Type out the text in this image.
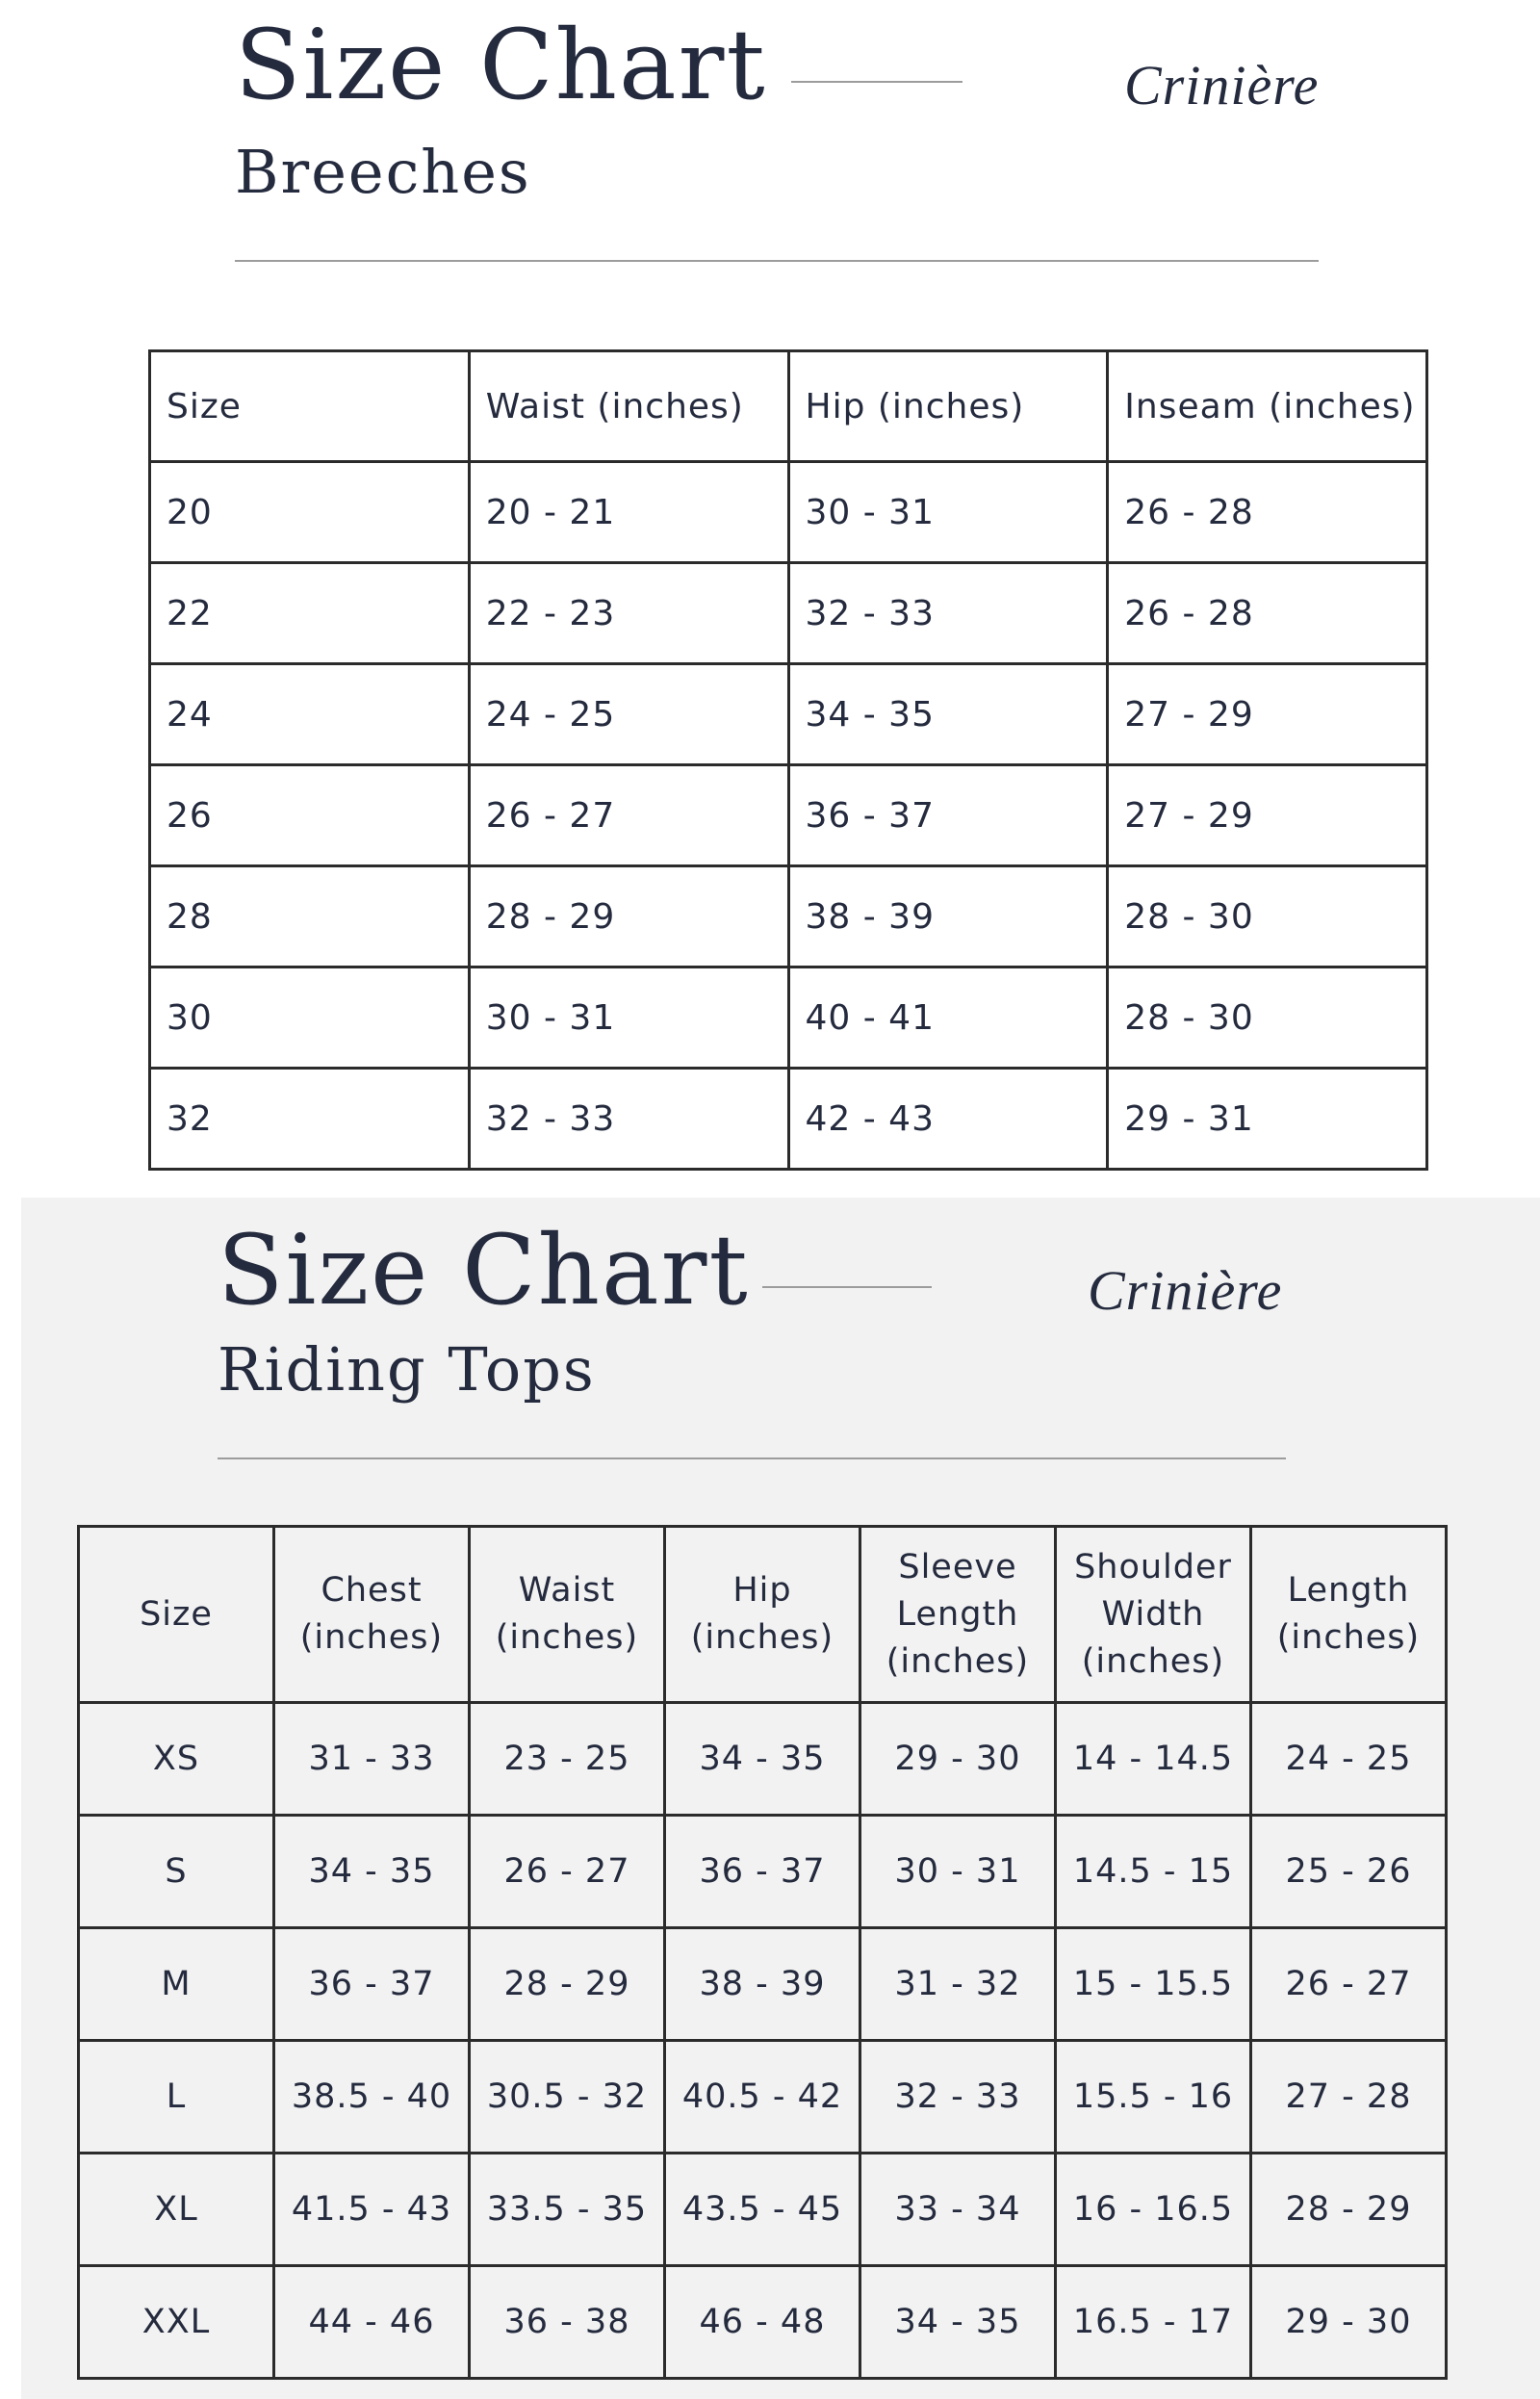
Size Chart	Crinière
Breeches
Size	Waist (inches)	Hip (inches)	Inseam (inches)
20	20 - 21	30 - 31	26 - 28
22	22 - 23	32 - 33	26 - 28
24	24 - 25	34 - 35	27 - 29
26	26 - 27	36 - 37	27 - 29
28	28 - 29	38 - 39	28 - 30
30	30 - 31	40 - 41	28 - 30
32	32 - 33	42 - 43	29 - 31
Size Chart	Crinière
Riding Tops
Size	Chest (inches)	Waist (inches)	Hip (inches)	Sleeve Length (inches)	Shoulder Width (inches)	Length (inches)
XS	31 - 33	23 - 25	34 - 35	29 - 30	14 - 14.5	24 - 25
S	34 - 35	26 - 27	36 - 37	30 - 31	14.5 - 15	25 - 26
M	36 - 37	28 - 29	38 - 39	31 - 32	15 - 15.5	26 - 27
L	38.5 - 40	30.5 - 32	40.5 - 42	32 - 33	15.5 - 16	27 - 28
XL	41.5 - 43	33.5 - 35	43.5 - 45	33 - 34	16 - 16.5	28 - 29
XXL	44 - 46	36 - 38	46 - 48	34 - 35	16.5 - 17	29 - 30
